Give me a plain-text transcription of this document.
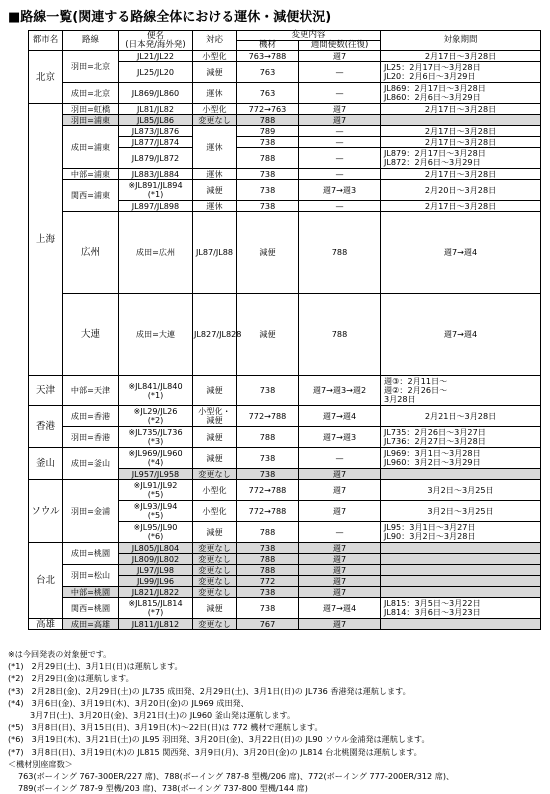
■路線一覧(関連する路線全体における運休・減便状況)
都市名	路線	便名
(日本発/海外発)	対応	変更内容		対象期間	
				機材	週間便数(往復)		
北京	羽田=北京	JL21/JL22	小型化	763→788	週7	2月17日～3月28日	
		JL25/JL20	減便	763	—	JL25：2月17日～3月28日
JL20：2月6日～3月29日	
	成田=北京	JL869/JL860	運休	763	—	JL869：2月17日～3月28日
JL860：2月6日～3月29日	
上海	羽田=虹橋	JL81/JL82	小型化	772→763	週7	2月17日～3月28日	
	羽田=浦東	JL85/JL86	変更なし	788	週7		
	成田=浦東	JL873/JL876	運休	789	—	2月17日～3月28日	
		JL877/JL874		738	—	2月17日～3月28日	
		JL879/JL872		788	—	JL879：2月17日～3月28日
JL872：2月6日～3月29日	
	中部=浦東	JL883/JL884	運休	738	—	2月17日～3月28日	
	関西=浦東	※JL891/JL894
(*1)	減便	738	週7→週3	2月20日～3月28日	
		JL897/JL898	運休	738	—	2月17日～3月28日	
	広州	成田=広州	JL87/JL88	減便	788	週7→週4	
	大連	成田=大連	JL827/JL828	減便	788	週7→週4	
天津	中部=天津	※JL841/JL840
(*1)	減便	738	週7→週3→週2	週③：2月11日～
週②：2月26日～
3月28日	
香港	成田=香港	※JL29/JL26
(*2)	小型化・
減便	772→788	週7→週4	2月21日～3月28日	
	羽田=香港	※JL735/JL736
(*3)	減便	788	週7→週3	JL735：2月26日～3月27日
JL736：2月27日～3月28日	
釜山	成田=釜山	※JL969/JL960
(*4)	減便	738	—	JL969：3月1日～3月28日
JL960：3月2日～3月29日	
		JL957/JL958	変更なし	738	週7		
ソウル	羽田=金浦	※JL91/JL92
(*5)	小型化	772→788	週7	3月2日～3月25日	
		※JL93/JL94
(*5)	小型化	772→788	週7	3月2日～3月25日	
		※JL95/JL90
(*6)	減便	788	—	JL95：3月1日～3月27日
JL90：3月2日～3月28日	
台北	成田=桃園	JL805/JL804	変更なし	738	週7		
		JL809/JL802	変更なし	788	週7		
	羽田=松山	JL97/JL98	変更なし	788	週7		
		JL99/JL96	変更なし	772	週7		
	中部=桃園	JL821/JL822	変更なし	738	週7		
	関西=桃園	※JL815/JL814
(*7)	減便	738	週7→週4	JL815：3月5日～3月22日
JL814：3月6日～3月23日	
高雄	成田=高雄	JL811/JL812	変更なし	767	週7		
※は今回発表の対象便です。
(*1)　2月29日(土)、3月1日(日)は運航します。
(*2)　2月29日(金)は運航します。
(*3)　2月28日(金)、2月29日(土)の JL735 成田発、2月29日(土)、3月1日(日)の JL736 香港発は運航します。
(*4)　3月6日(金)、3月19日(木)、3月20日(金)の JL969 成田発、
3月7日(土)、3月20日(金)、3月21日(土)の JL960 釜山発は運航します。
(*5)　3月8日(日)、3月15日(日)、3月19日(木)～22日(日)は 772 機材で運航します。
(*6)　3月19日(木)、3月21日(土)の JL95 羽田発、3月20日(金)、3月22日(日)の JL90 ソウル金浦発は運航します。
(*7)　3月8日(日)、3月19日(木)の JL815 関西発、3月9日(月)、3月20日(金)の JL814 台北桃園発は運航します。
＜機材別座席数＞
763(ボーイング 767-300ER/227 席)、788(ボーイング 787-8 型機/206 席)、772(ボーイング 777-200ER/312 席)、
789(ボーイング 787-9 型機/203 席)、738(ボーイング 737-800 型機/144 席)
